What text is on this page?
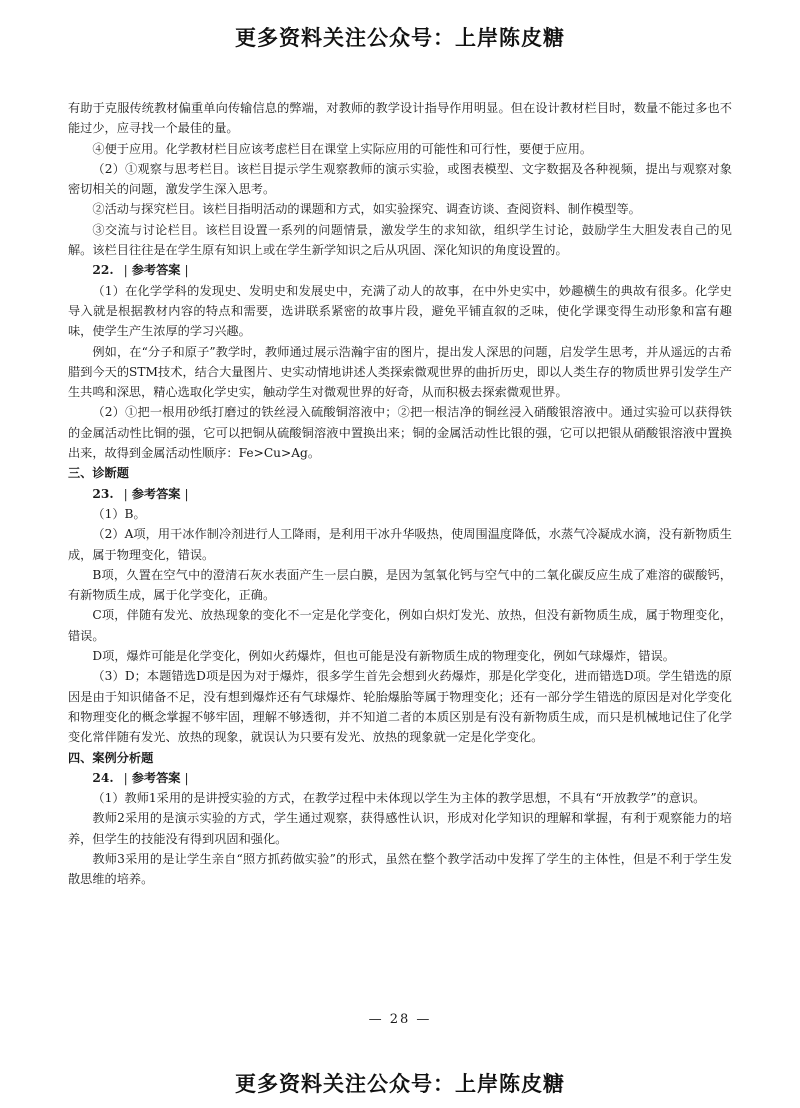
更多资料关注公众号：上岸陈皮糖

有助于克服传统教材偏重单向传输信息的弊端，对教师的教学设计指导作用明显。但在设计教材栏目时，数量不能过多也不能过少，应寻找一个最佳的量。

④便于应用。化学教材栏目应该考虑栏目在课堂上实际应用的可能性和可行性，要便于应用。

（2）①观察与思考栏目。该栏目提示学生观察教师的演示实验，或图表模型、文字数据及各种视频，提出与观察对象密切相关的问题，激发学生深入思考。

②活动与探究栏目。该栏目指明活动的课题和方式，如实验探究、调查访谈、查阅资料、制作模型等。

③交流与讨论栏目。该栏目设置一系列的问题情景，激发学生的求知欲，组织学生讨论，鼓励学生大胆发表自己的见解。该栏目往往是在学生原有知识上或在学生新学知识之后从巩固、深化知识的角度设置的。

22. | 参考答案 |

（1）在化学学科的发现史、发明史和发展史中，充满了动人的故事，在中外史实中，妙趣横生的典故有很多。化学史导入就是根据教材内容的特点和需要，选讲联系紧密的故事片段，避免平铺直叙的乏味，使化学课变得生动形象和富有趣味，使学生产生浓厚的学习兴趣。

例如，在“分子和原子”教学时，教师通过展示浩瀚宇宙的图片，提出发人深思的问题，启发学生思考，并从遥远的古希腊到今天的STM技术，结合大量图片、史实动情地讲述人类探索微观世界的曲折历史，即以人类生存的物质世界引发学生产生共鸣和深思，精心选取化学史实，触动学生对微观世界的好奇，从而积极去探索微观世界。

（2）①把一根用砂纸打磨过的铁丝浸入硫酸铜溶液中；②把一根洁净的铜丝浸入硝酸银溶液中。通过实验可以获得铁的金属活动性比铜的强，它可以把铜从硫酸铜溶液中置换出来；铜的金属活动性比银的强，它可以把银从硝酸银溶液中置换出来，故得到金属活动性顺序：Fe>Cu>Ag。

三、诊断题

23. | 参考答案 |

（1）B。

（2）A项，用干冰作制冷剂进行人工降雨，是利用干冰升华吸热，使周围温度降低，水蒸气冷凝成水滴，没有新物质生成，属于物理变化，错误。

B项，久置在空气中的澄清石灰水表面产生一层白膜，是因为氢氧化钙与空气中的二氧化碳反应生成了难溶的碳酸钙，有新物质生成，属于化学变化，正确。

C项，伴随有发光、放热现象的变化不一定是化学变化，例如白炽灯发光、放热，但没有新物质生成，属于物理变化，错误。

D项，爆炸可能是化学变化，例如火药爆炸，但也可能是没有新物质生成的物理变化，例如气球爆炸，错误。

（3）D；本题错选D项是因为对于爆炸，很多学生首先会想到火药爆炸，那是化学变化，进而错选D项。学生错选的原因是由于知识储备不足，没有想到爆炸还有气球爆炸、轮胎爆胎等属于物理变化；还有一部分学生错选的原因是对化学变化和物理变化的概念掌握不够牢固，理解不够透彻，并不知道二者的本质区别是有没有新物质生成，而只是机械地记住了化学变化常伴随有发光、放热的现象，就误认为只要有发光、放热的现象就一定是化学变化。

四、案例分析题

24. | 参考答案 |

（1）教师1采用的是讲授实验的方式，在教学过程中未体现以学生为主体的教学思想，不具有“开放教学”的意识。

教师2采用的是演示实验的方式，学生通过观察，获得感性认识，形成对化学知识的理解和掌握，有利于观察能力的培养，但学生的技能没有得到巩固和强化。

教师3采用的是让学生亲自“照方抓药做实验”的形式，虽然在整个教学活动中发挥了学生的主体性，但是不利于学生发散思维的培养。

— 28 —
更多资料关注公众号：上岸陈皮糖
